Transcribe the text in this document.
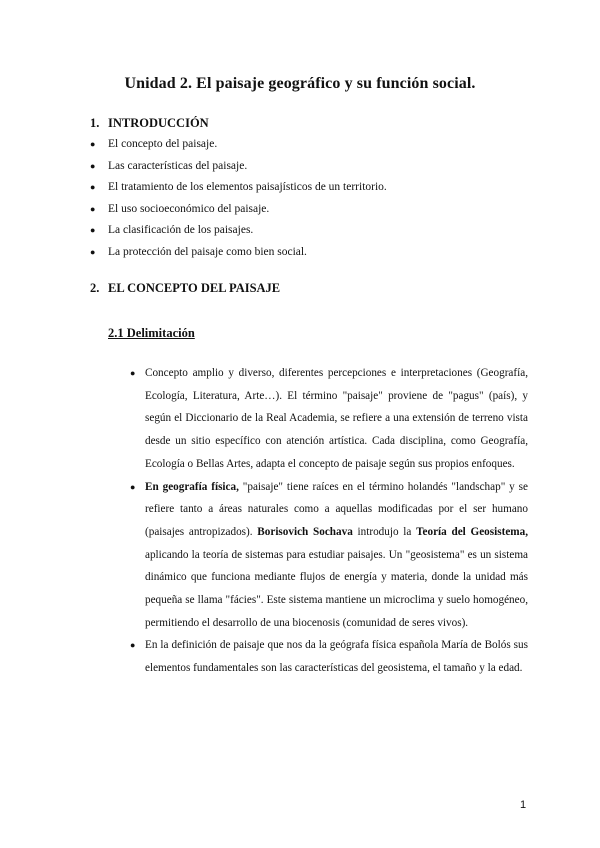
Unidad 2. El paisaje geográfico y su función social.
1. INTRODUCCIÓN
● El concepto del paisaje.
● Las características del paisaje.
● El tratamiento de los elementos paisajísticos de un territorio.
● El uso socioeconómico del paisaje.
● La clasificación de los paisajes.
● La protección del paisaje como bien social.
2. EL CONCEPTO DEL PAISAJE
2.1 Delimitación
● Concepto amplio y diverso, diferentes percepciones e interpretaciones (Geografía, Ecología, Literatura, Arte…). El término "paisaje" proviene de "pagus" (país), y según el Diccionario de la Real Academia, se refiere a una extensión de terreno vista desde un sitio específico con atención artística. Cada disciplina, como Geografía, Ecología o Bellas Artes, adapta el concepto de paisaje según sus propios enfoques.
● En geografía física, "paisaje" tiene raíces en el término holandés "landschap" y se refiere tanto a áreas naturales como a aquellas modificadas por el ser humano (paisajes antropizados). Borisovich Sochava introdujo la Teoría del Geosistema, aplicando la teoría de sistemas para estudiar paisajes. Un "geosistema" es un sistema dinámico que funciona mediante flujos de energía y materia, donde la unidad más pequeña se llama "fácies". Este sistema mantiene un microclima y suelo homogéneo, permitiendo el desarrollo de una biocenosis (comunidad de seres vivos).
● En la definición de paisaje que nos da la geógrafa física española María de Bolós sus elementos fundamentales son las características del geosistema, el tamaño y la edad.
1
